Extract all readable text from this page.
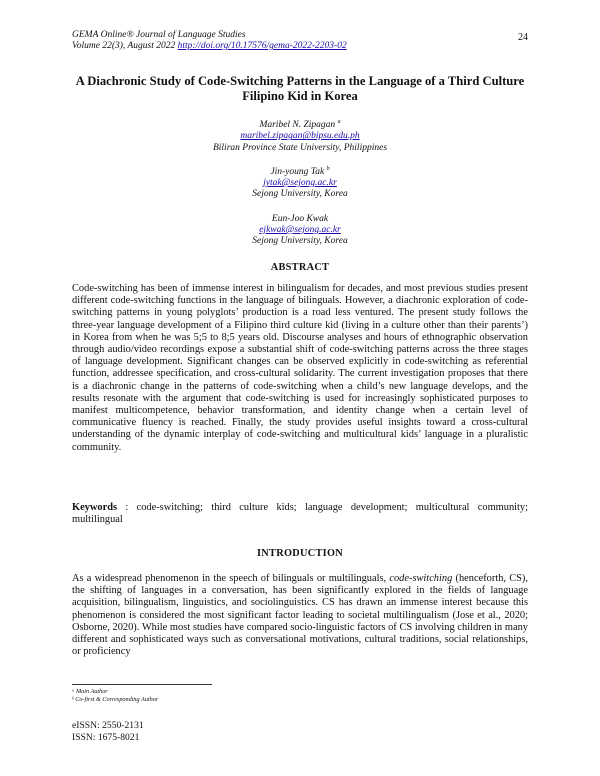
GEMA Online® Journal of Language Studies
Volume 22(3), August 2022 http://doi.org/10.17576/gema-2022-2203-02
24
A Diachronic Study of Code-Switching Patterns in the Language of a Third Culture Filipino Kid in Korea
Maribel N. Zipagan $^a$
maribel.zipagan@bipsu.edu.ph
Biliran Province State University, Philippines
Jin-young Tak $^b$
jytak@sejong.ac.kr
Sejong University, Korea
Eun-Joo Kwak
ejkwak@sejong.ac.kr
Sejong University, Korea
ABSTRACT

Code-switching has been of immense interest in bilingualism for decades, and most previous studies present different code-switching functions in the language of bilinguals. However, a diachronic exploration of code-switching patterns in young polyglots’ production is a road less ventured. The present study follows the three-year language development of a Filipino third culture kid (living in a culture other than their parents’) in Korea from when he was 5;5 to 8;5 years old. Discourse analyses and hours of ethnographic observation through audio/video recordings expose a substantial shift of code-switching patterns across the three stages of language development. Significant changes can be observed explicitly in code-switching as referential function, addressee specification, and cross-cultural solidarity. The current investigation proposes that there is a diachronic change in the patterns of code-switching when a child’s new language develops, and the results resonate with the argument that code-switching is used for increasingly sophisticated purposes to manifest multicompetence, behavior transformation, and identity change when a certain level of communicative fluency is reached. Finally, the study provides useful insights toward a cross-cultural understanding of the dynamic interplay of code-switching and multicultural kids’ language in a pluralistic community.

Keywords : code-switching; third culture kids; language development; multicultural community; multilingual

INTRODUCTION

As a widespread phenomenon in the speech of bilinguals or multilinguals, code-switching (henceforth, CS), the shifting of languages in a conversation, has been significantly explored in the fields of language acquisition, bilingualism, linguistics, and sociolinguistics. CS has drawn an immense interest because this phenomenon is considered the most significant factor leading to societal multilingualism (Jose et al., 2020; Osborne, 2020). While most studies have compared socio-linguistic factors of CS involving children in many different and sophisticated ways such as conversational motivations, cultural traditions, social relationships, or proficiency

ᵃ Main Author
ᵇ Co-first & Corresponding Author
eISSN: 2550-2131
ISSN: 1675-8021
